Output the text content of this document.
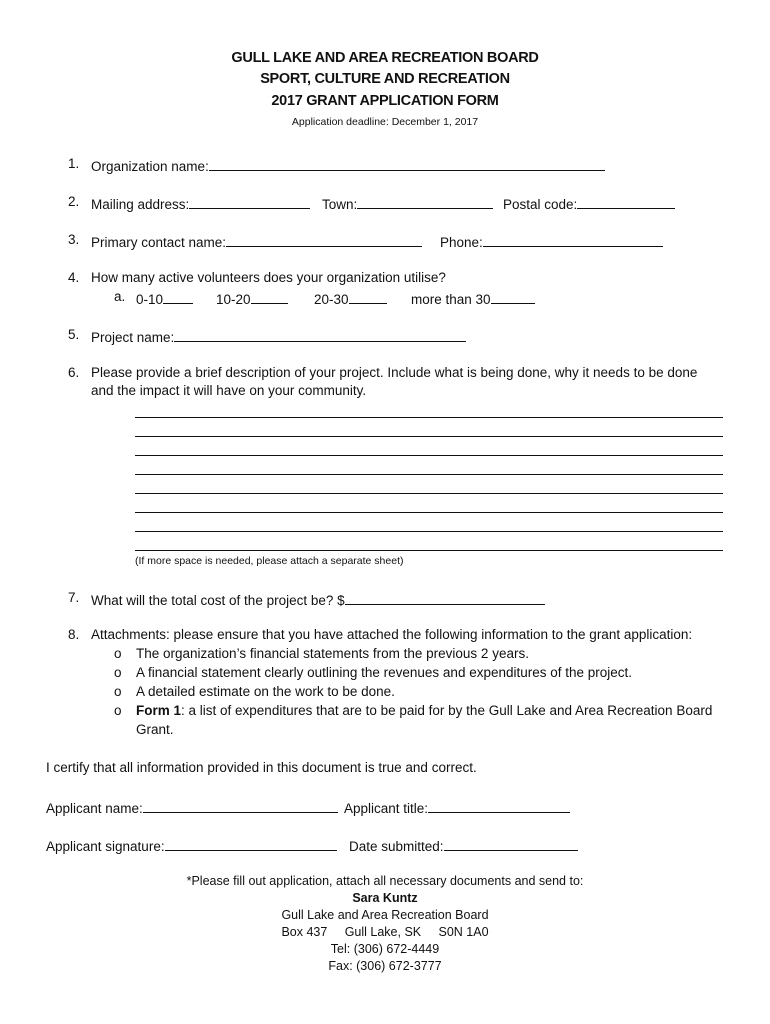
GULL LAKE AND AREA RECREATION BOARD
SPORT, CULTURE AND RECREATION
2017 GRANT APPLICATION FORM
Application deadline: December 1, 2017
1. Organization name:
2. Mailing address:	Town:	Postal code:
3. Primary contact name:	Phone:
4. How many active volunteers does your organization utilise?
a. 0-10	10-20	20-30	more than 30
5. Project name:
6. Please provide a brief description of your project. Include what is being done, why it needs to be done
and the impact it will have on your community.
(If more space is needed, please attach a separate sheet)
7. What will the total cost of the project be? $
8. Attachments: please ensure that you have attached the following information to the grant application:
o The organization’s financial statements from the previous 2 years.
o A financial statement clearly outlining the revenues and expenditures of the project.
o A detailed estimate on the work to be done.
o Form 1: a list of expenditures that are to be paid for by the Gull Lake and Area Recreation Board
Grant.
I certify that all information provided in this document is true and correct.
Applicant name:	Applicant title:
Applicant signature:	Date submitted:
*Please fill out application, attach all necessary documents and send to:
Sara Kuntz
Gull Lake and Area Recreation Board
Box 437     Gull Lake, SK     S0N 1A0
Tel: (306) 672-4449
Fax: (306) 672-3777
